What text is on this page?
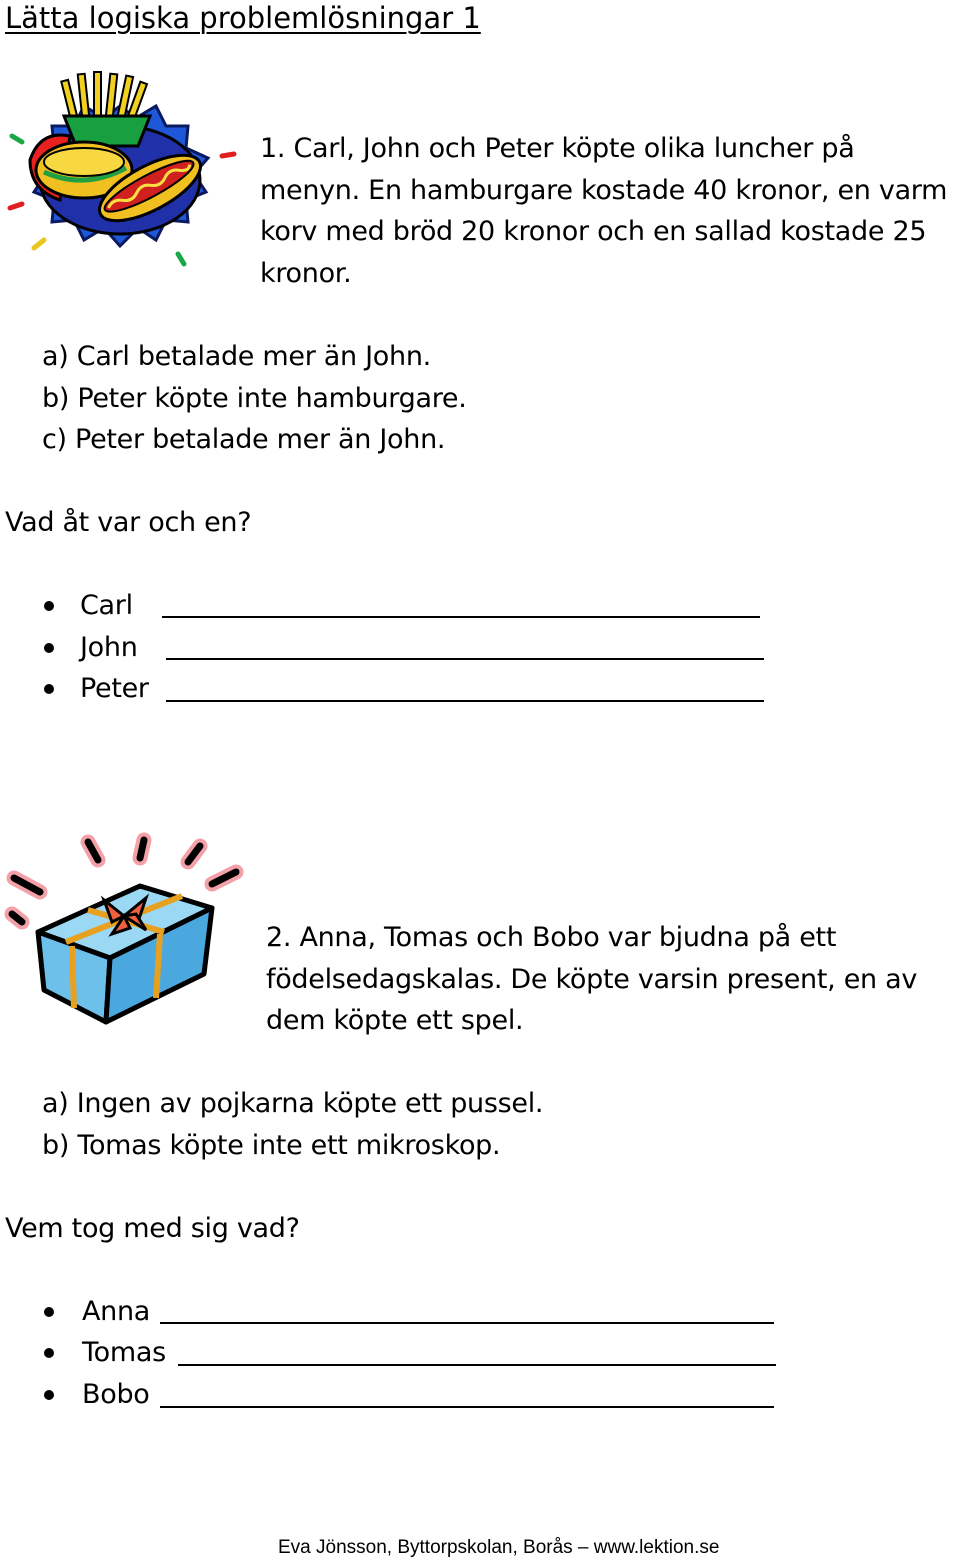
Lätta logiska problemlösningar 1
1. Carl, John och Peter köpte olika luncher på
menyn. En hamburgare kostade 40 kronor, en varm
korv med bröd 20 kronor och en sallad kostade 25
kronor.
a) Carl betalade mer än John.
b) Peter köpte inte hamburgare.
c) Peter betalade mer än John.
Vad åt var och en?
Carl
John
Peter
2. Anna, Tomas och Bobo var bjudna på ett
födelsedagskalas. De köpte varsin present, en av
dem köpte ett spel.
a) Ingen av pojkarna köpte ett pussel.
b) Tomas köpte inte ett mikroskop.
Vem tog med sig vad?
Anna
Tomas
Bobo
Eva Jönsson, Byttorpskolan, Borås – www.lektion.se
